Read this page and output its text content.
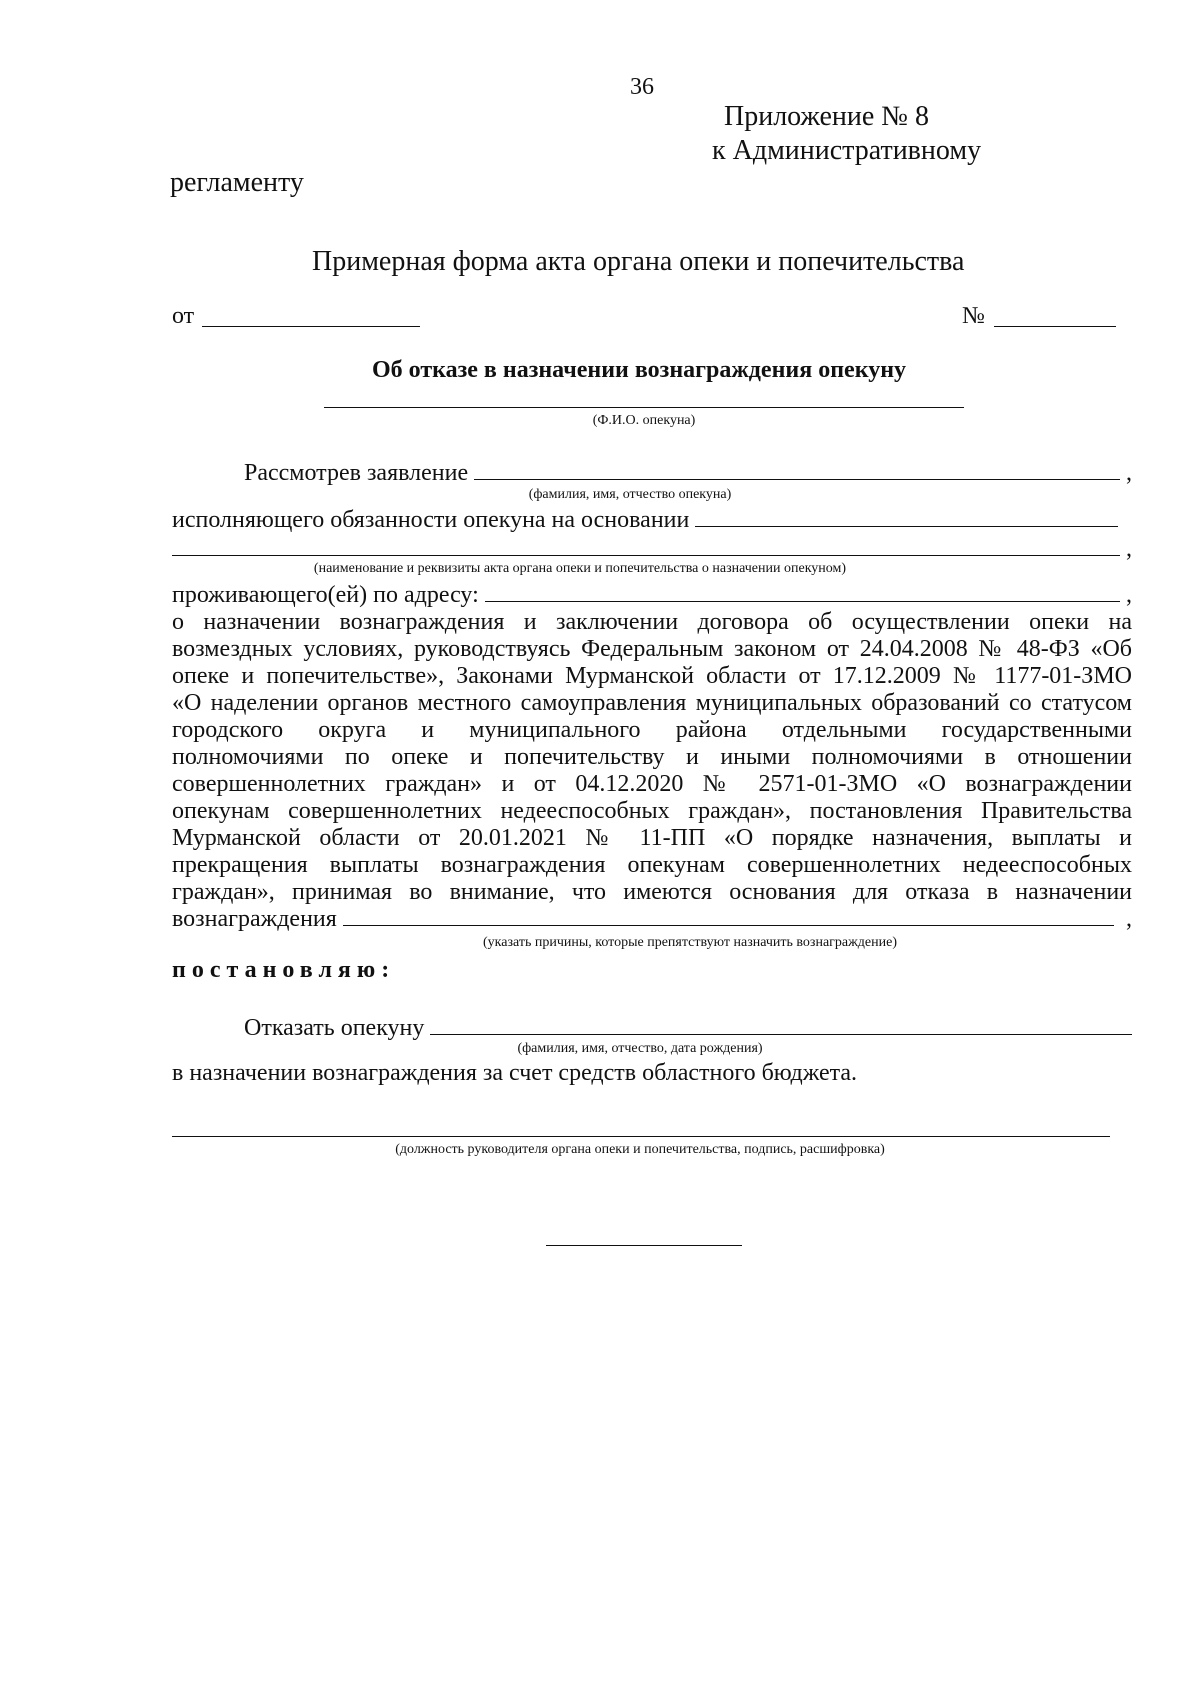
36
Приложение № 8
к Административному
регламенту
Примерная форма акта органа опеки и попечительства
от	№
Об отказе в назначении вознаграждения опекуну
(Ф.И.О. опекуна)
Рассмотрев заявление	,
(фамилия, имя, отчество опекуна)
исполняющего обязанности опекуна на основании
,
(наименование и реквизиты акта органа опеки и попечительства о назначении опекуном)
проживающего(ей) по адресу:	,
о назначении вознаграждения и заключении договора об осуществлении опеки на
возмездных условиях, руководствуясь Федеральным законом от 24.04.2008 № 48-ФЗ «Об
опеке и попечительстве», Законами Мурманской области от 17.12.2009 № 1177-01-ЗМО
«О наделении органов местного самоуправления муниципальных образований со статусом
городского округа и муниципального района отдельными государственными
полномочиями по опеке и попечительству и иными полномочиями в отношении
совершеннолетних граждан» и от 04.12.2020 № 2571-01-ЗМО «О вознаграждении
опекунам совершеннолетних недееспособных граждан», постановления Правительства
Мурманской области от 20.01.2021 № 11-ПП «О порядке назначения, выплаты и
прекращения выплаты вознаграждения опекунам совершеннолетних недееспособных
граждан», принимая во внимание, что имеются основания для отказа в назначении
вознаграждения	,
(указать причины, которые препятствуют назначить вознаграждение)
постановляю:
Отказать опекуну
(фамилия, имя, отчество, дата рождения)
в назначении вознаграждения за счет средств областного бюджета.
(должность руководителя органа опеки и попечительства, подпись, расшифровка)
